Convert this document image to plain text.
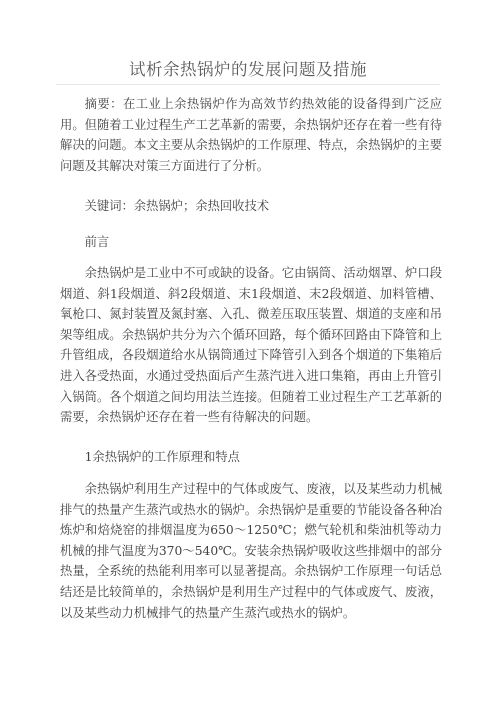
试析余热锅炉的发展问题及措施
摘要：在工业上余热锅炉作为高效节约热效能的设备得到广泛应用。但随着工业过程生产工艺革新的需要，余热锅炉还存在着一些有待解决的问题。本文主要从余热锅炉的工作原理、特点，余热锅炉的主要问题及其解决对策三方面进行了分析。
关键词：余热锅炉；余热回收技术
前言
余热锅炉是工业中不可或缺的设备。它由锅筒、活动烟罩、炉口段烟道、斜1段烟道、斜2段烟道、末1段烟道、末2段烟道、加料管槽、氧枪口、氮封装置及氮封塞、入孔、微差压取压装置、烟道的支座和吊架等组成。余热锅炉共分为六个循环回路，每个循环回路由下降管和上升管组成，各段烟道给水从锅筒通过下降管引入到各个烟道的下集箱后进入各受热面，水通过受热面后产生蒸汽进入进口集箱，再由上升管引入锅筒。各个烟道之间均用法兰连接。但随着工业过程生产工艺革新的需要，余热锅炉还存在着一些有待解决的问题。
1余热锅炉的工作原理和特点
余热锅炉利用生产过程中的气体或废气、废液，以及某些动力机械排气的热量产生蒸汽或热水的锅炉。余热锅炉是重要的节能设备各种冶炼炉和焙烧窑的排烟温度为650～1250℃；燃气轮机和柴油机等动力机械的排气温度为370～540℃。安装余热锅炉吸收这些排烟中的部分热量，全系统的热能利用率可以显著提高。余热锅炉工作原理一句话总结还是比较简单的，余热锅炉是利用生产过程中的气体或废气、废液，以及某些动力机械排气的热量产生蒸汽或热水的锅炉。
